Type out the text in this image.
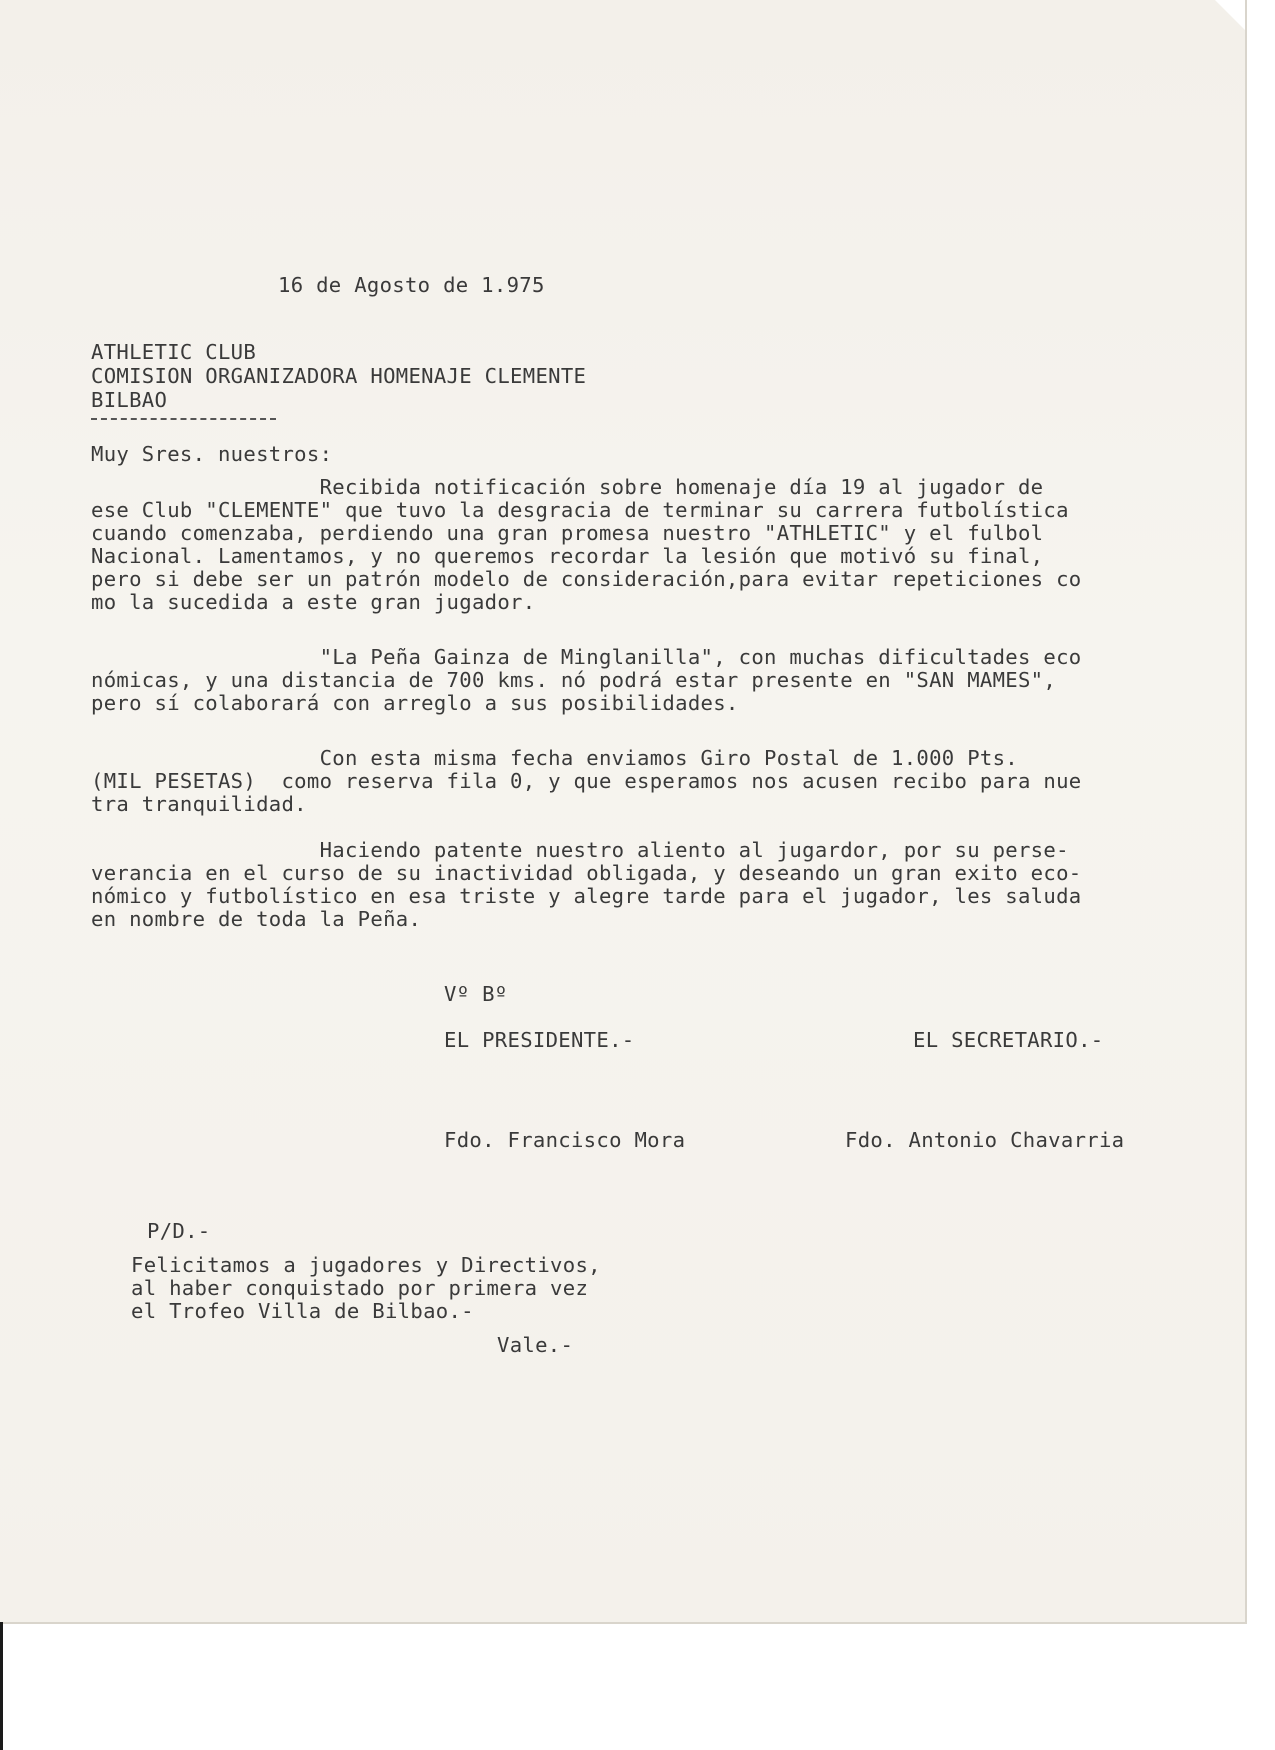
16 de Agosto de 1.975

ATHLETIC CLUB

COMISION ORGANIZADORA HOMENAJE CLEMENTE

BILBAO

Muy Sres. nuestros:

Recibida notificación sobre homenaje día 19 al jugador de

ese Club "CLEMENTE" que tuvo la desgracia de terminar su carrera futbolística

cuando comenzaba, perdiendo una gran promesa nuestro "ATHLETIC" y el fulbol

Nacional. Lamentamos, y no queremos recordar la lesión que motivó su final,

pero si debe ser un patrón modelo de consideración,para evitar repeticiones co

mo la sucedida a este gran jugador.

"La Peña Gainza de Minglanilla", con muchas dificultades eco

nómicas, y una distancia de 700 kms. nó podrá estar presente en "SAN MAMES",

pero sí colaborará con arreglo a sus posibilidades.

Con esta misma fecha enviamos Giro Postal de 1.000 Pts.

(MIL PESETAS)  como reserva fila 0, y que esperamos nos acusen recibo para nue

tra tranquilidad.

Haciendo patente nuestro aliento al jugardor, por su perse-

verancia en el curso de su inactividad obligada, y deseando un gran exito eco-

nómico y futbolístico en esa triste y alegre tarde para el jugador, les saluda

en nombre de toda la Peña.

Vº Bº

EL PRESIDENTE.-	EL SECRETARIO.-

Fdo. Francisco Mora	Fdo. Antonio Chavarria

P/D.-

Felicitamos a jugadores y Directivos,

al haber conquistado por primera vez

el Trofeo Villa de Bilbao.-

Vale.-
